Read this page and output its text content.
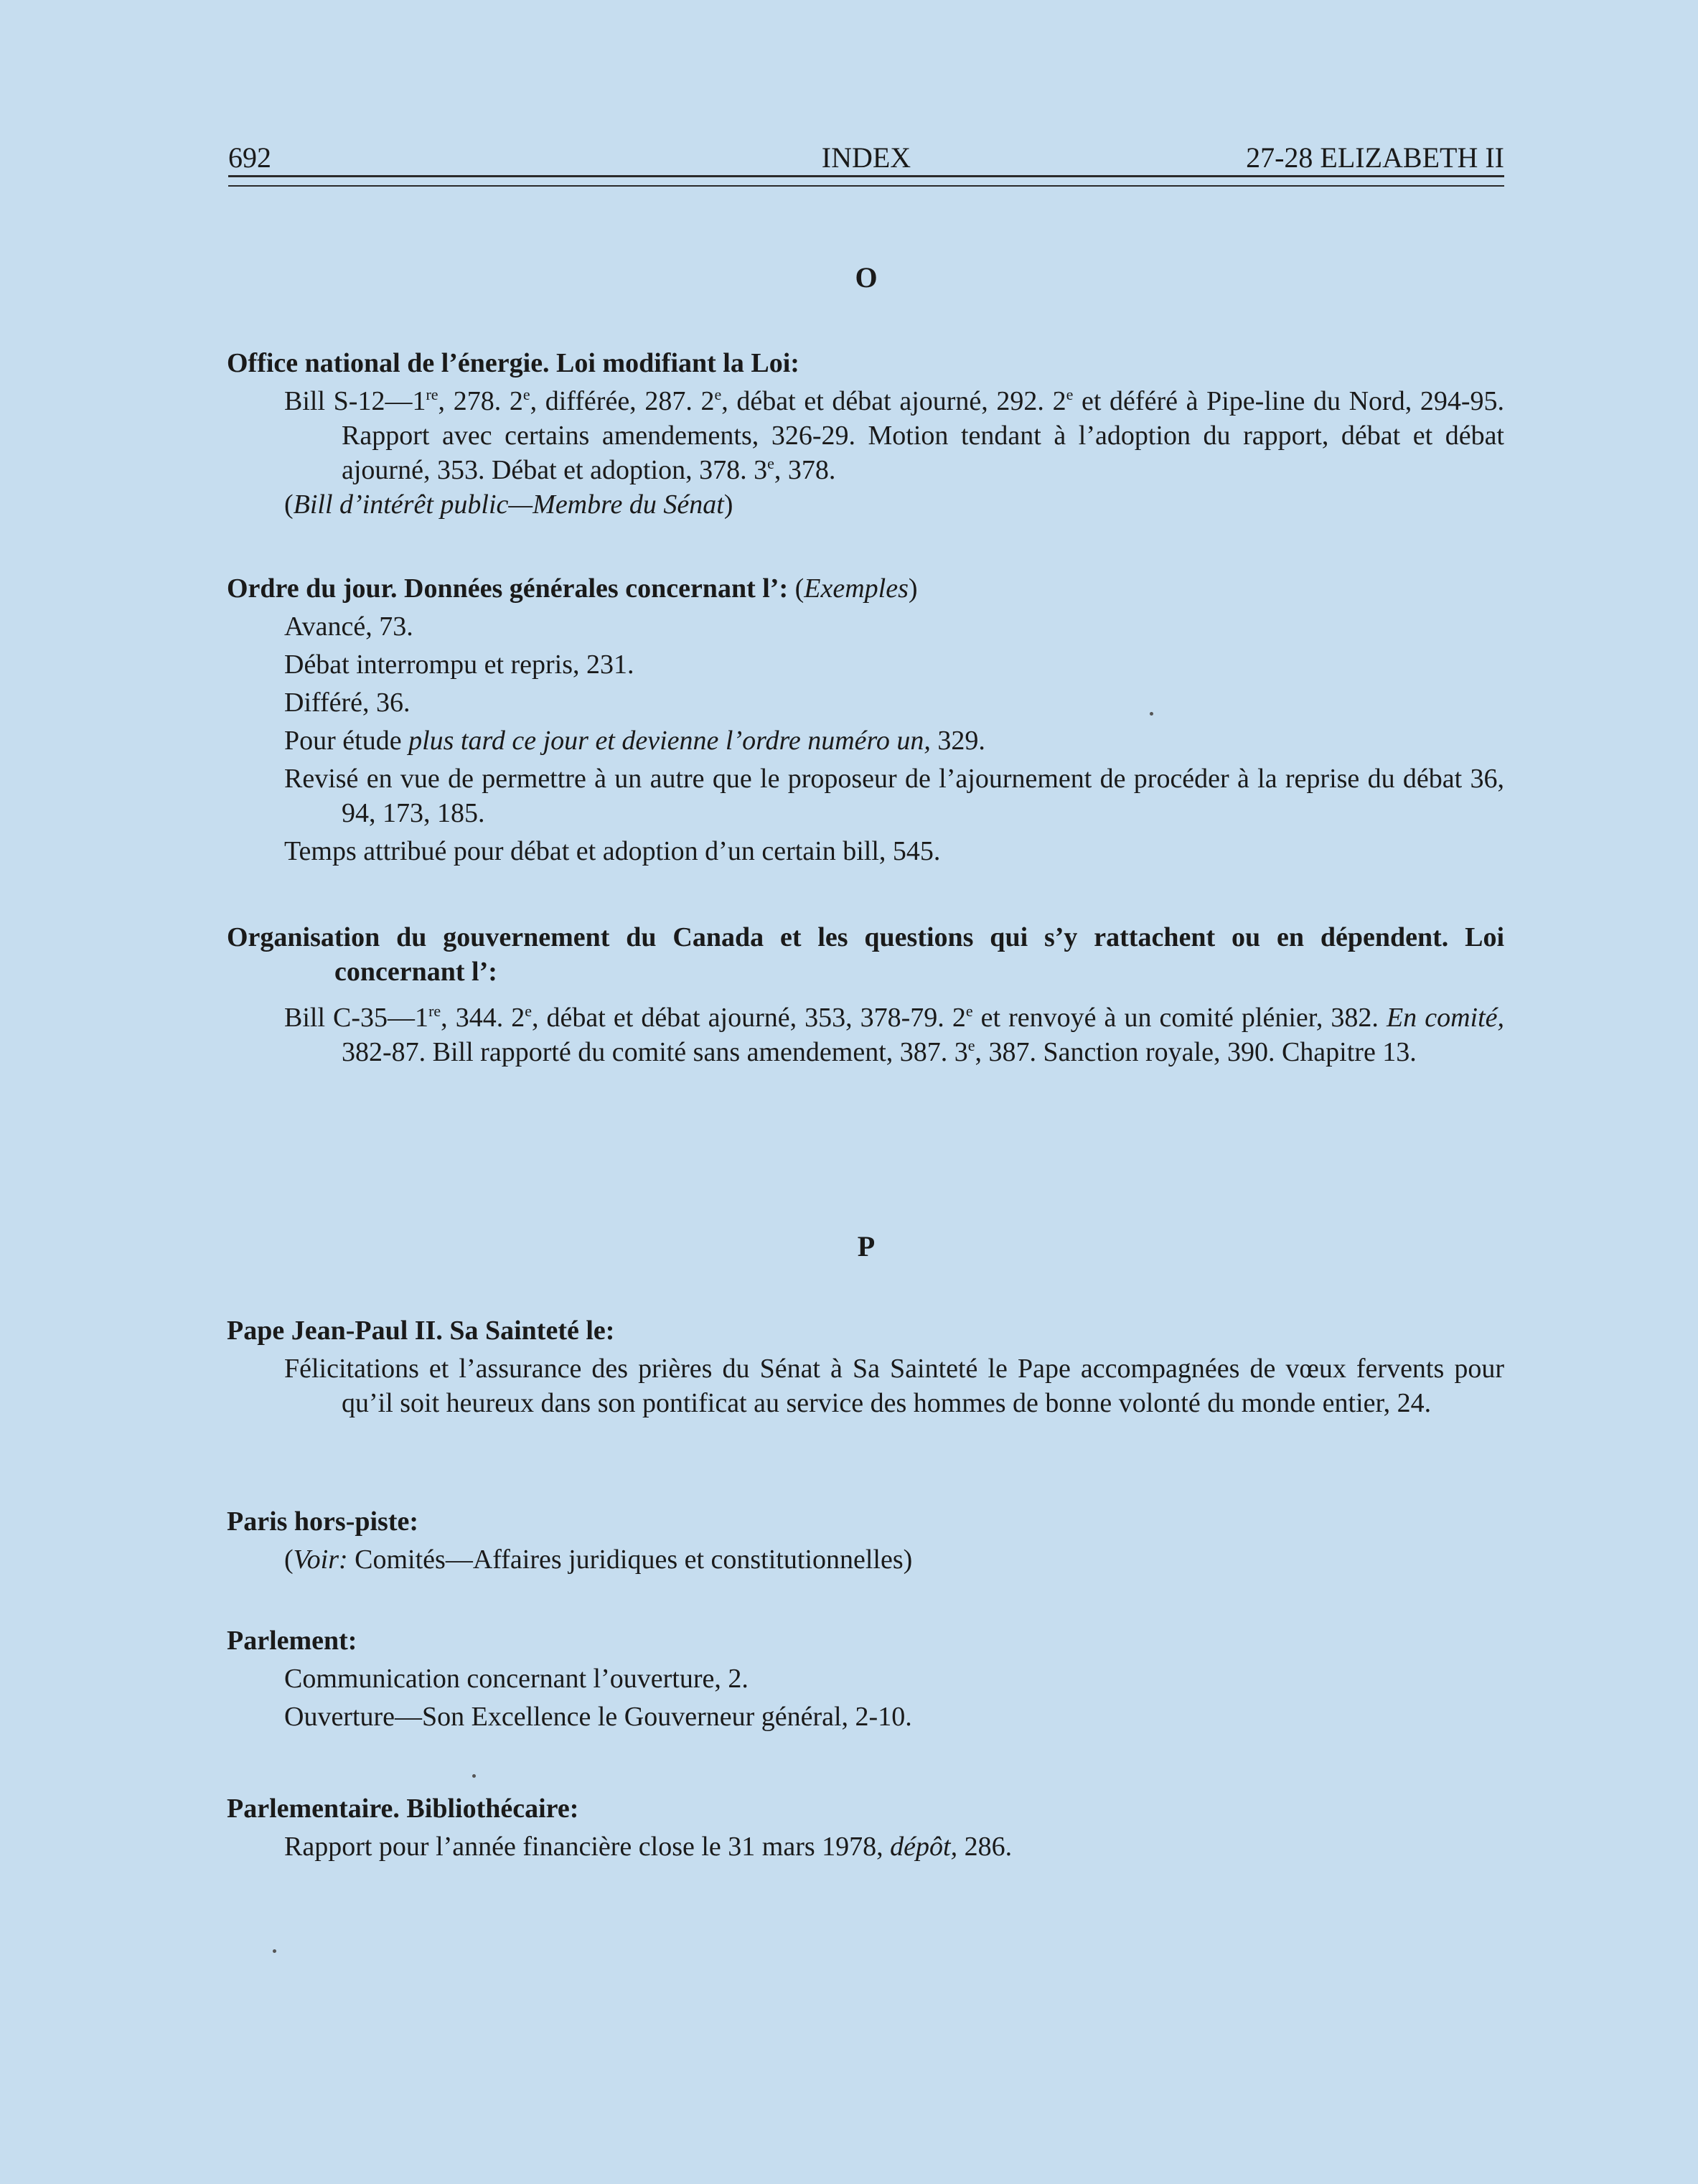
692	INDEX	27-28 ELIZABETH II
O
Office national de l’énergie. Loi modifiant la Loi:
Bill S-12—1re, 278. 2e, différée, 287. 2e, débat et débat ajourné, 292. 2e et déféré à Pipe-line du Nord, 294-95. Rapport avec certains amendements, 326-29. Motion tendant à l’adoption du rapport, débat et débat ajourné, 353. Débat et adoption, 378. 3e, 378.
(Bill d’intérêt public—Membre du Sénat)
Ordre du jour. Données générales concernant l’: (Exemples)
Avancé, 73.
Débat interrompu et repris, 231.
Différé, 36.
Pour étude plus tard ce jour et devienne l’ordre numéro un, 329.
Revisé en vue de permettre à un autre que le proposeur de l’ajournement de procéder à la reprise du débat 36, 94, 173, 185.
Temps attribué pour débat et adoption d’un certain bill, 545.
Organisation du gouvernement du Canada et les questions qui s’y rattachent ou en dépendent. Loi concernant l’:
Bill C-35—1re, 344. 2e, débat et débat ajourné, 353, 378-79. 2e et renvoyé à un comité plénier, 382. En comité, 382-87. Bill rapporté du comité sans amendement, 387. 3e, 387. Sanction royale, 390. Chapitre 13.
P
Pape Jean-Paul II. Sa Sainteté le:
Félicitations et l’assurance des prières du Sénat à Sa Sainteté le Pape accompagnées de vœux fervents pour qu’il soit heureux dans son pontificat au service des hommes de bonne volonté du monde entier, 24.
Paris hors-piste:
(Voir: Comités—Affaires juridiques et constitutionnelles)
Parlement:
Communication concernant l’ouverture, 2.
Ouverture—Son Excellence le Gouverneur général, 2-10.
Parlementaire. Bibliothécaire:
Rapport pour l’année financière close le 31 mars 1978, dépôt, 286.
